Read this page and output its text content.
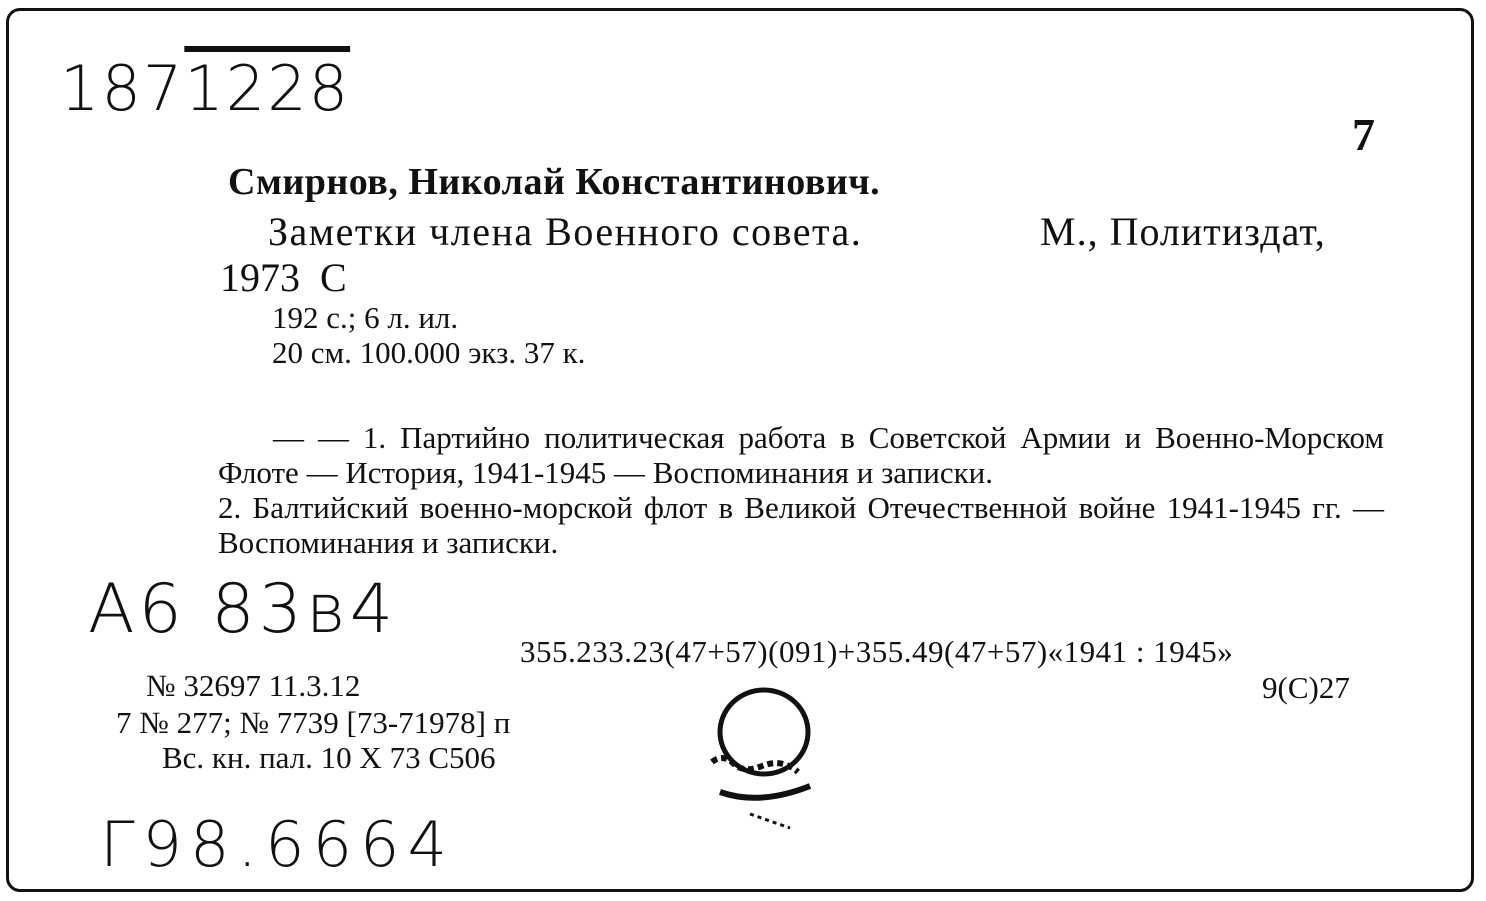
1871228
7
Смирнов, Николай Константинович.
Заметки члена Военного совета.	М., Политиздат,
1973 С
192 с.; 6 л. ил.
20 см. 100.000 экз. 37 к.

— — 1. Партийно политическая работа в Советской Армии и Военно-Морском Флоте — История, 1941-1945 — Воспоминания и записки.

2. Балтийский военно-морской флот в Великой Отечественной войне 1941-1945 гг. — Воспоминания и записки.

А6 83в4
355.233.23(47+57)(091)+355.49(47+57)«1941 : 1945»
9(С)27
№ 32697 11.3.12
7 № 277; № 7739 [73-71978] п
Вс. кн. пал. 10 Х 73 С506
Г98.6664
